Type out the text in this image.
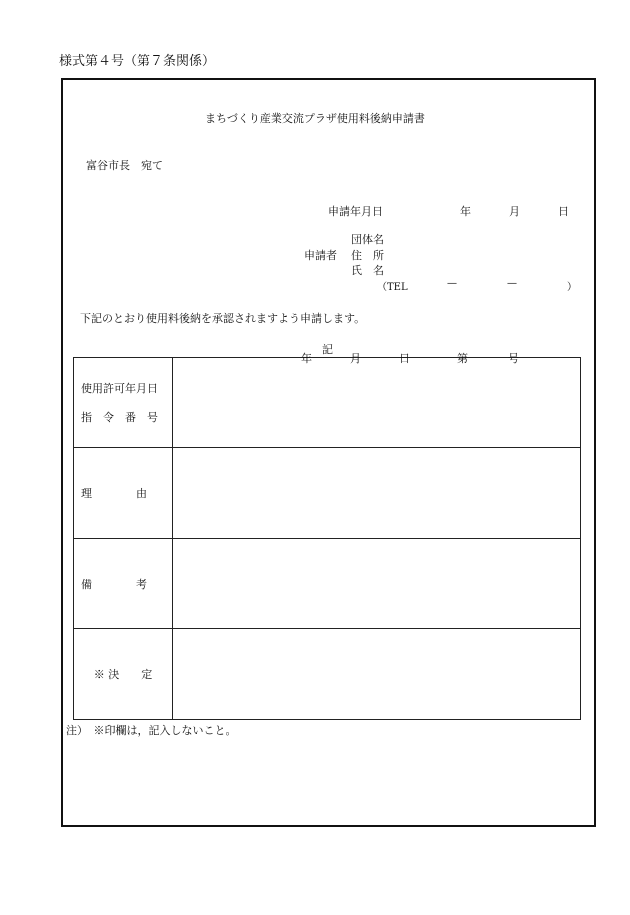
様式第４号（第７条関係）
まちづくり産業交流プラザ使用料後納申請書
富谷市長　宛て
申請年月日	年	月	日
申請者
団体名
住　所
氏　名
（TEL	—	—	）
下記のとおり使用料後納を承認されますよう申請します。
記
使用許可年月日
指　令　番　号	年 月 日 第 号

理　　　　由	

備　　　　考	

※ 決　　定	

注）　※印欄は，記入しないこと。
